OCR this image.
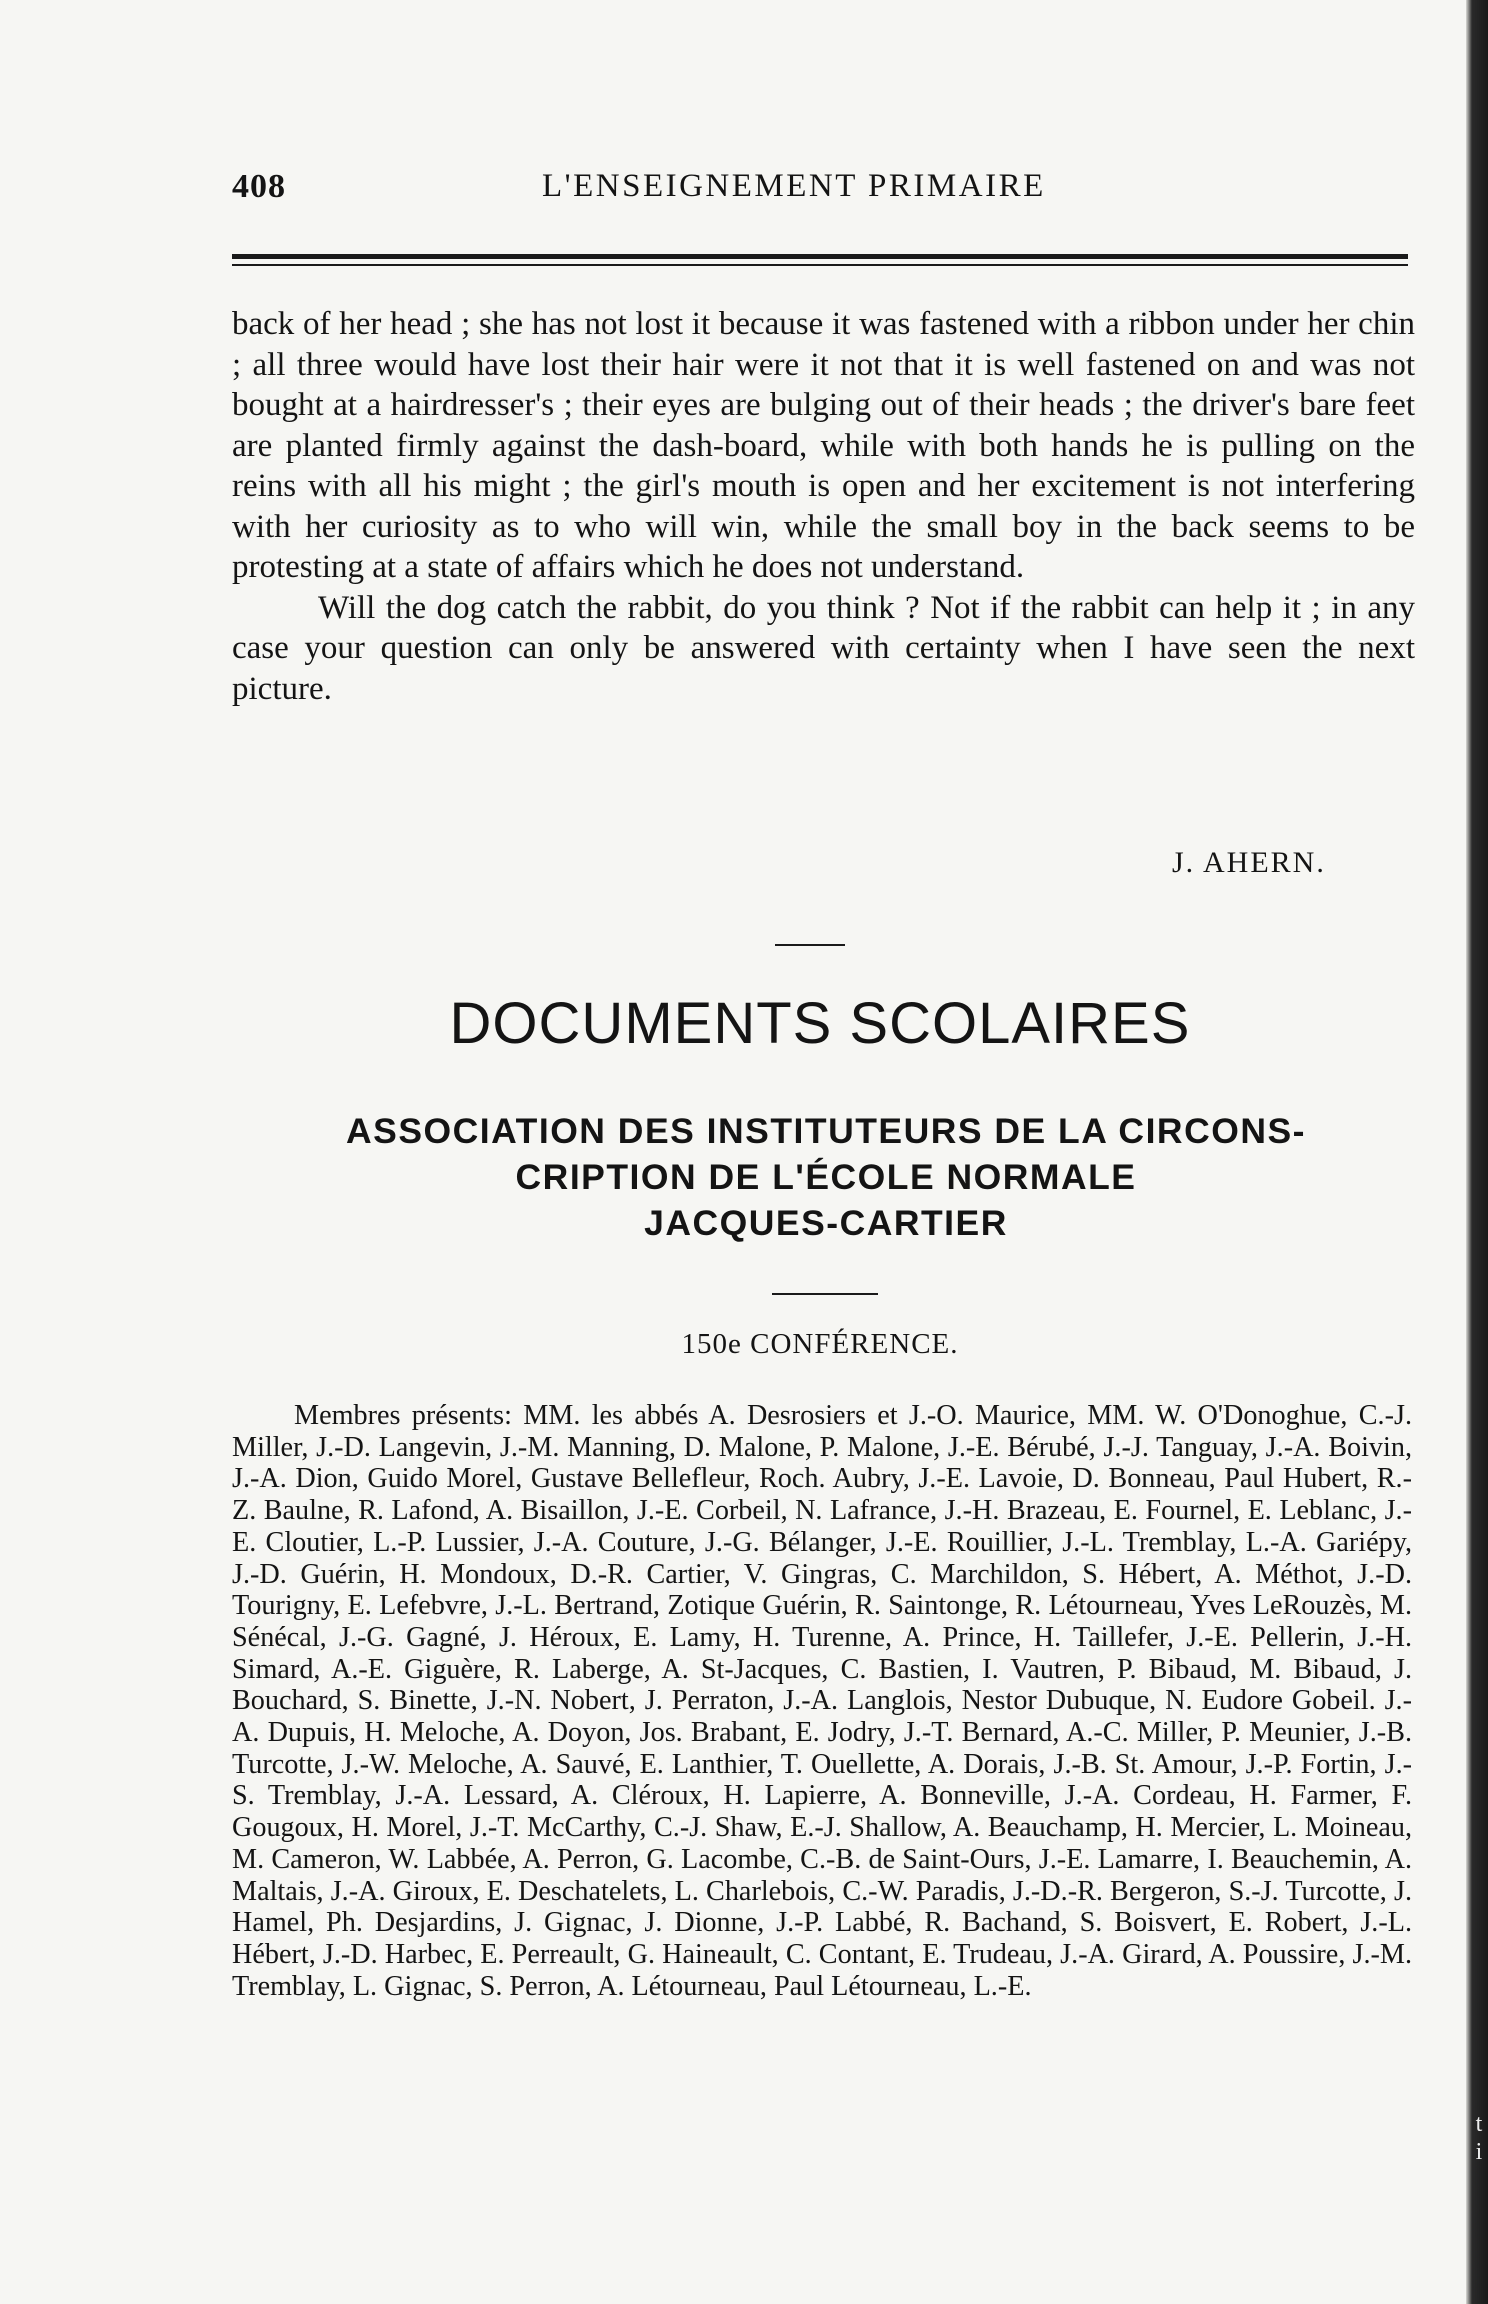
408	L'ENSEIGNEMENT PRIMAIRE

back of her head ; she has not lost it because it was fastened with a ribbon under her chin ; all three would have lost their hair were it not that it is well fastened on and was not bought at a hairdresser's ; their eyes are bulging out of their heads ; the driver's bare feet are planted firmly against the dash-board, while with both hands he is pulling on the reins with all his might ; the girl's mouth is open and her excitement is not interfering with her curiosity as to who will win, while the small boy in the back seems to be protesting at a state of affairs which he does not understand.

Will the dog catch the rabbit, do you think ? Not if the rabbit can help it ; in any case your question can only be answered with certainty when I have seen the next picture.

J. AHERN.
DOCUMENTS SCOLAIRES
ASSOCIATION DES INSTITUTEURS DE LA CIRCONS-
CRIPTION DE L'ÉCOLE NORMALE
JACQUES-CARTIER
150e CONFÉRENCE.
Membres présents: MM. les abbés A. Desrosiers et J.-O. Maurice, MM. W. O'Donoghue, C.-J. Miller, J.-D. Langevin, J.-M. Manning, D. Malone, P. Malone, J.-E. Bérubé, J.-J. Tanguay, J.-A. Boivin, J.-A. Dion, Guido Morel, Gustave Bellefleur, Roch. Aubry, J.-E. Lavoie, D. Bonneau, Paul Hubert, R.-Z. Baulne, R. Lafond, A. Bisaillon, J.-E. Corbeil, N. Lafrance, J.-H. Brazeau, E. Fournel, E. Leblanc, J.-E. Cloutier, L.-P. Lussier, J.-A. Couture, J.-G. Bélanger, J.-E. Rouillier, J.-L. Tremblay, L.-A. Gariépy, J.-D. Guérin, H. Mondoux, D.-R. Cartier, V. Gingras, C. Marchildon, S. Hébert, A. Méthot, J.-D. Tourigny, E. Lefebvre, J.-L. Bertrand, Zotique Guérin, R. Saintonge, R. Létourneau, Yves LeRouzès, M. Sénécal, J.-G. Gagné, J. Héroux, E. Lamy, H. Turenne, A. Prince, H. Taillefer, J.-E. Pellerin, J.-H. Simard, A.-E. Giguère, R. Laberge, A. St-Jacques, C. Bastien, I. Vautren, P. Bibaud, M. Bibaud, J. Bouchard, S. Binette, J.-N. Nobert, J. Perraton, J.-A. Langlois, Nestor Dubuque, N. Eudore Gobeil. J.-A. Dupuis, H. Meloche, A. Doyon, Jos. Brabant, E. Jodry, J.-T. Bernard, A.-C. Miller, P. Meunier, J.-B. Turcotte, J.-W. Meloche, A. Sauvé, E. Lanthier, T. Ouellette, A. Dorais, J.-B. St. Amour, J.-P. Fortin, J.-S. Tremblay, J.-A. Lessard, A. Cléroux, H. Lapierre, A. Bonneville, J.-A. Cordeau, H. Farmer, F. Gougoux, H. Morel, J.-T. McCarthy, C.-J. Shaw, E.-J. Shallow, A. Beauchamp, H. Mercier, L. Moineau, M. Cameron, W. Labbée, A. Perron, G. Lacombe, C.-B. de Saint-Ours, J.-E. Lamarre, I. Beauchemin, A. Maltais, J.-A. Giroux, E. Deschatelets, L. Charlebois, C.-W. Paradis, J.-D.-R. Bergeron, S.-J. Turcotte, J. Hamel, Ph. Desjardins, J. Gignac, J. Dionne, J.-P. Labbé, R. Bachand, S. Boisvert, E. Robert, J.-L. Hébert, J.-D. Harbec, E. Perreault, G. Haineault, C. Contant, E. Trudeau, J.-A. Girard, A. Poussire, J.-M. Tremblay, L. Gignac, S. Perron, A. Létourneau, Paul Létourneau, L.-E.
t
i
